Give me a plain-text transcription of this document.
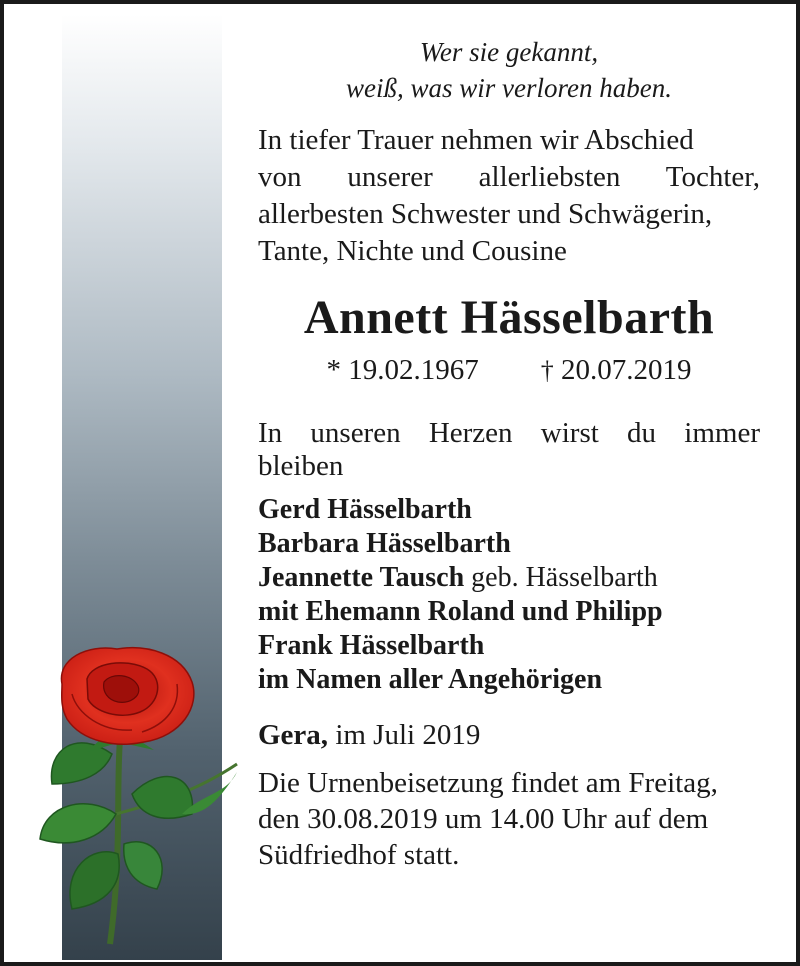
Wer sie gekannt,
weiß, was wir verloren haben.

In tiefer Trauer nehmen wir Abschied
von unserer allerliebsten Tochter,
allerbesten Schwester und Schwägerin,
Tante, Nichte und Cousine

Annett Hässelbarth
* 19.02.1967 † 20.07.2019

In unseren Herzen wirst du immer
bleiben

Gerd Hässelbarth
Barbara Hässelbarth
Jeannette Tausch geb. Hässelbarth
mit Ehemann Roland und Philipp
Frank Hässelbarth
im Namen aller Angehörigen
Gera, im Juli 2019

Die Urnenbeisetzung findet am Freitag,
den 30.08.2019 um 14.00 Uhr auf dem
Südfriedhof statt.
